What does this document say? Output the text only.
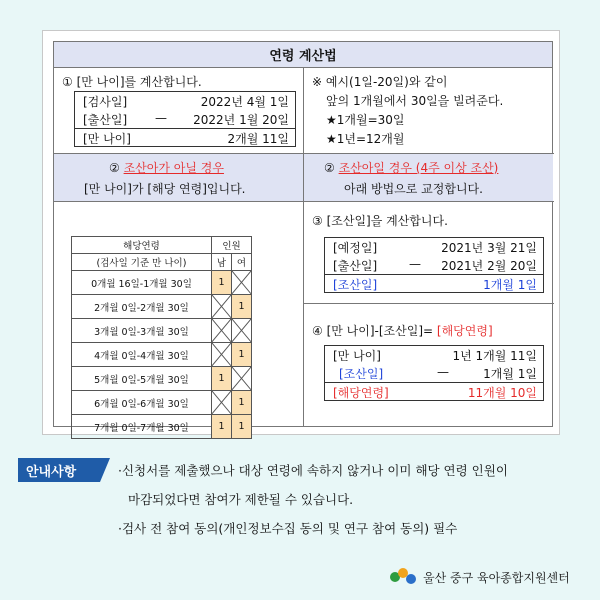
연령 계산법
① [만 나이]를 계산합니다.
[검사일]	2022년 4월 1일
[출산일] — 2022년 1월 20일
[만 나이]	2개월 11일
※ 예시(1일-20일)와 같이
앞의 1개월에서 30일을 빌려준다.
★1개월=30일
★1년=12개월
② 조산아가 아닐 경우
[만 나이]가 [해당 연령]입니다.
② 조산아일 경우 (4주 이상 조산)
아래 방법으로 교정합니다.
③ [조산일]을 계산합니다.
[예정일]	2021년 3월 21일
[출산일]	— 2021년 2월 20일
[조산일]	1개월 1일
④ [만 나이]-[조산일]= [해당연령]
[만 나이]	1년 1개월 11일
[조산일]	—	1개월 1일
[해당연령]	11개월 10일
해당연령	인원	
(검사일 기준 만 나이)	남	여
0개월 16일-1개월 30일	1	

2개월 0일-2개월 30일		1
3개월 0일-3개월 30일	

4개월 0일-4개월 30일		1
5개월 0일-5개월 30일	1	

6개월 0일-6개월 30일		1
7개월 0일-7개월 30일	1	1
안내사항	·신청서를 제출했으나 대상 연령에 속하지 않거나 이미 해당 연령 인원이
마감되었다면 참여가 제한될 수 있습니다.
·검사 전 참여 동의(개인정보수집 동의 및 연구 참여 동의) 필수
울산 중구 육아종합지원센터
